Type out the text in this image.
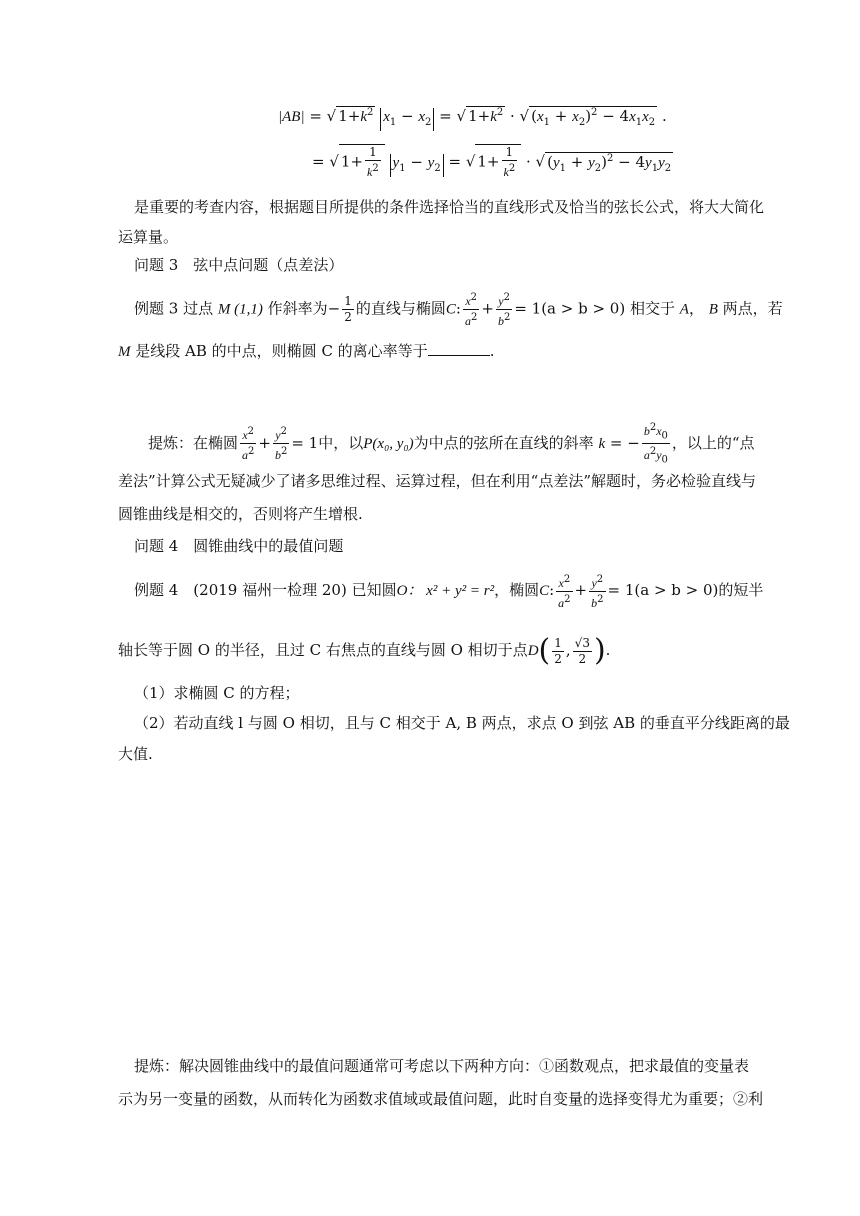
|AB| = √ $1+k^2$ $x_1 - x_2$ = √ $1+k^2$ · √ $(x_1 + x_2)^2 - 4x_1x_2$ .
= √ $1+ \frac{1}{k^2} y_1 - y_2$ = √ $1+ \frac{1}{k^2}$ · √ $(y_1 + y_2)^2 - 4y_1y_2$
是重要的考查内容，根据题目所提供的条件选择恰当的直线形式及恰当的弦长公式，将大大简化运算量。
问题 3　弦中点问题（点差法）
例题 3 过点 M (1,1) 作斜率为− $\frac{1}{2}$ 的直线与椭圆C: $\frac{x^2}{a^2} + \frac{y^2}{b^2} = 1(a > b > 0)$ 相交于 A， B 两点，若
M 是线段 AB 的中点，则椭圆 C 的离心率等于	.
提炼：在椭圆 $\frac{x^2}{a^2} + \frac{y^2}{b^2} = 1$中，以P(x₀, y₀)为中点的弦所在直线的斜率 k = − $\frac{b^2x_0}{a^2y_0}$ ，以上的“点
差法”计算公式无疑减少了诸多思维过程、运算过程，但在利用“点差法”解题时，务必检验直线与
圆锥曲线是相交的，否则将产生增根.
问题 4　圆锥曲线中的最值问题
例题 4　(2019 福州一检理 20) 已知圆O： x² + y² = r²，椭圆C: $\frac{x^2}{a^2} + \frac{y^2}{b^2} = 1(a > b > 0)$的短半
轴长等于圆 O 的半径，且过 C 右焦点的直线与圆 O 相切于点$D( \frac{1}{2}$ , $\frac{√3}{2}$ ).
（1）求椭圆 C 的方程；
（2）若动直线 l 与圆 O 相切，且与 C 相交于 A, B 两点，求点 O 到弦 AB 的垂直平分线距离的最
大值.
提炼：解决圆锥曲线中的最值问题通常可考虑以下两种方向：①函数观点，把求最值的变量表
示为另一变量的函数，从而转化为函数求值域或最值问题，此时自变量的选择变得尤为重要；②利
